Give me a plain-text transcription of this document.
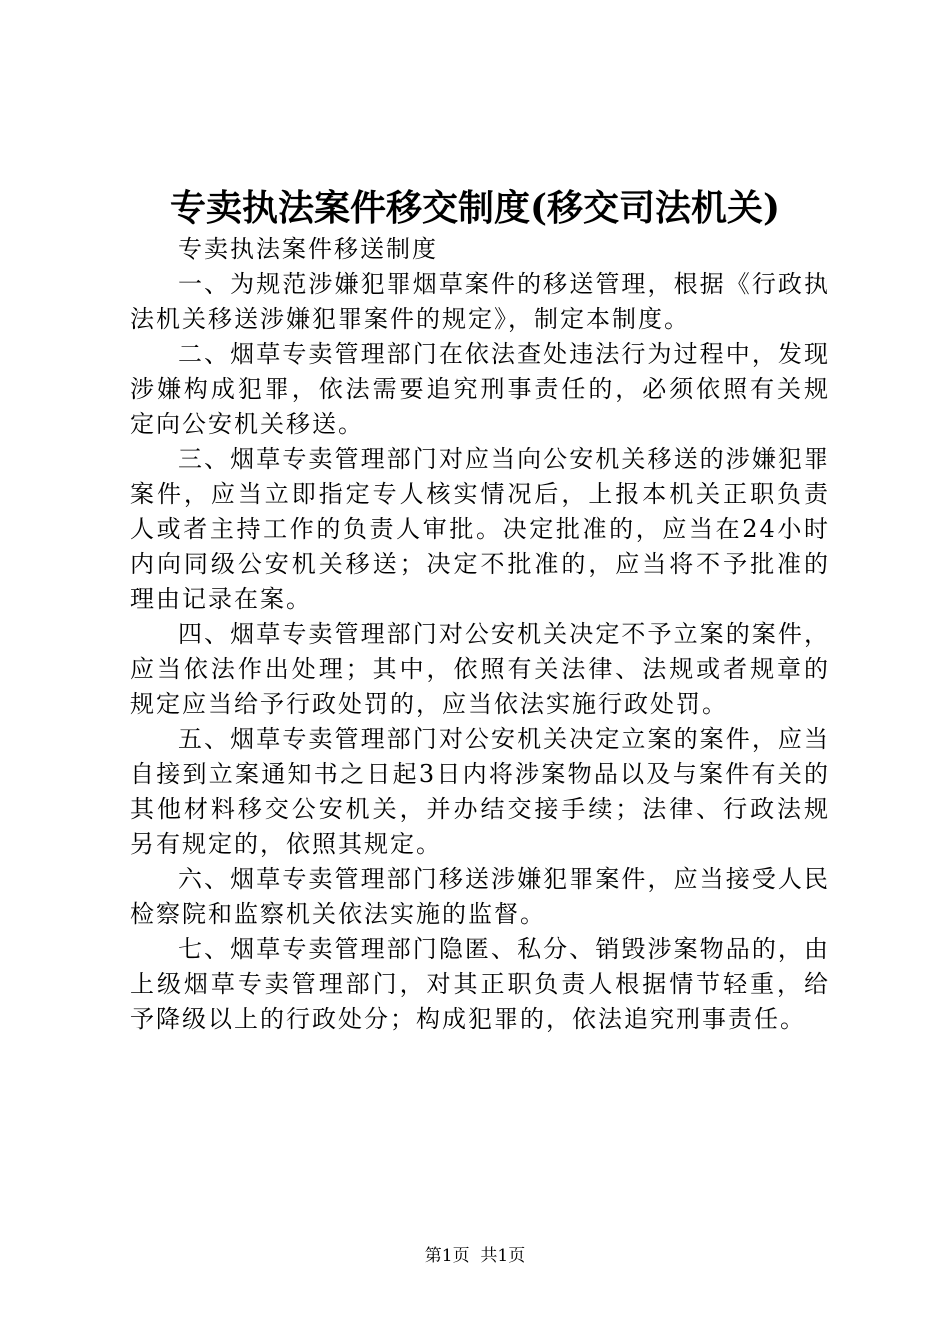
专卖执法案件移交制度(移交司法机关)

专卖执法案件移送制度

一、为规范涉嫌犯罪烟草案件的移送管理，根据《行政执法机关移送涉嫌犯罪案件的规定》，制定本制度。

二、烟草专卖管理部门在依法查处违法行为过程中，发现涉嫌构成犯罪，依法需要追究刑事责任的，必须依照有关规定向公安机关移送。

三、烟草专卖管理部门对应当向公安机关移送的涉嫌犯罪案件，应当立即指定专人核实情况后，上报本机关正职负责人或者主持工作的负责人审批。决定批准的，应当在24小时内向同级公安机关移送；决定不批准的，应当将不予批准的理由记录在案。

四、烟草专卖管理部门对公安机关决定不予立案的案件，应当依法作出处理；其中，依照有关法律、法规或者规章的规定应当给予行政处罚的，应当依法实施行政处罚。

五、烟草专卖管理部门对公安机关决定立案的案件，应当自接到立案通知书之日起3日内将涉案物品以及与案件有关的其他材料移交公安机关，并办结交接手续；法律、行政法规另有规定的，依照其规定。

六、烟草专卖管理部门移送涉嫌犯罪案件，应当接受人民检察院和监察机关依法实施的监督。

七、烟草专卖管理部门隐匿、私分、销毁涉案物品的，由上级烟草专卖管理部门，对其正职负责人根据情节轻重，给予降级以上的行政处分；构成犯罪的，依法追究刑事责任。

第1页  共1页
